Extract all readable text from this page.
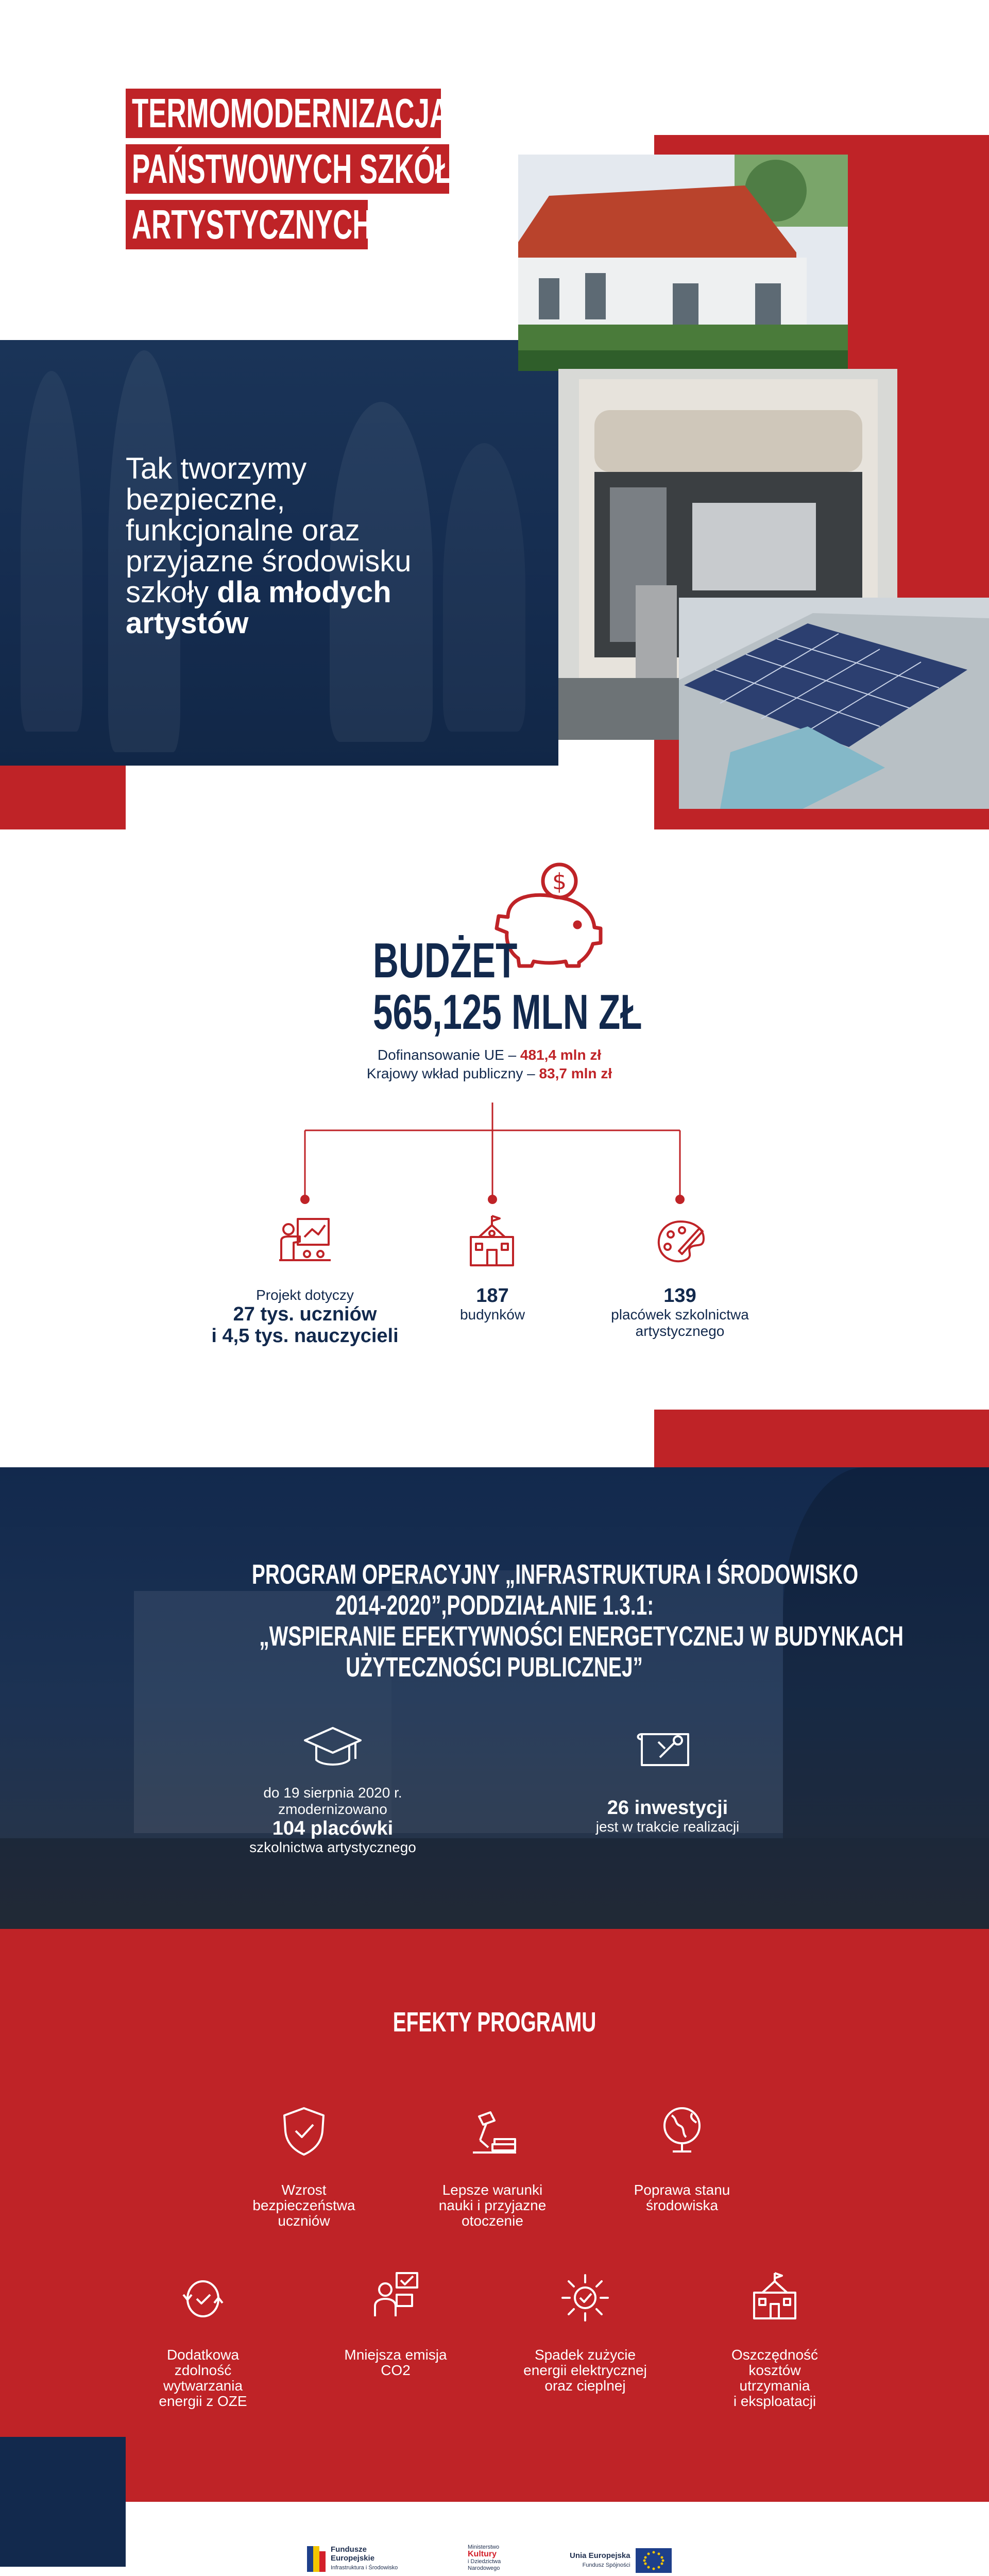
TERMOMODERNIZACJA
PAŃSTWOWYCH SZKÓŁ
ARTYSTYCZNYCH
Tak tworzymy
bezpieczne,
funkcjonalne oraz
przyjazne środowisku
szkoły dla młodych
artystów
$
BUDŻET
565,125 MLN ZŁ
Dofinansowanie UE – 481,4 mln zł
Krajowy wkład publiczny – 83,7 mln zł
Projekt dotyczy
27 tys. uczniów
i 4,5 tys. nauczycieli
187
budynków
139
placówek szkolnictwa
artystycznego
PROGRAM OPERACYJNY „INFRASTRUKTURA I ŚRODOWISKO
2014-2020”,PODDZIAŁANIE 1.3.1:
„WSPIERANIE EFEKTYWNOŚCI ENERGETYCZNEJ W BUDYNKACH
UŻYTECZNOŚCI PUBLICZNEJ”
do 19 sierpnia 2020 r.
zmodernizowano
104 placówki
szkolnictwa artystycznego
26 inwestycji
jest w trakcie realizacji
EFEKTY PROGRAMU
Wzrost
bezpieczeństwa
uczniów
Lepsze warunki
nauki i przyjazne
otoczenie
Poprawa stanu
środowiska
Dodatkowa
zdolność
wytwarzania
energii z OZE
Mniejsza emisja
CO2
Spadek zużycie
energii elektrycznej
oraz cieplnej
Oszczędność
kosztów
utrzymania
i eksploatacji
Fundusze
Europejskie
Infrastruktura i Środowisko
Ministerstwo
Kultury
i Dziedzictwa
Narodowego
Unia Europejska
Fundusz Spójności
